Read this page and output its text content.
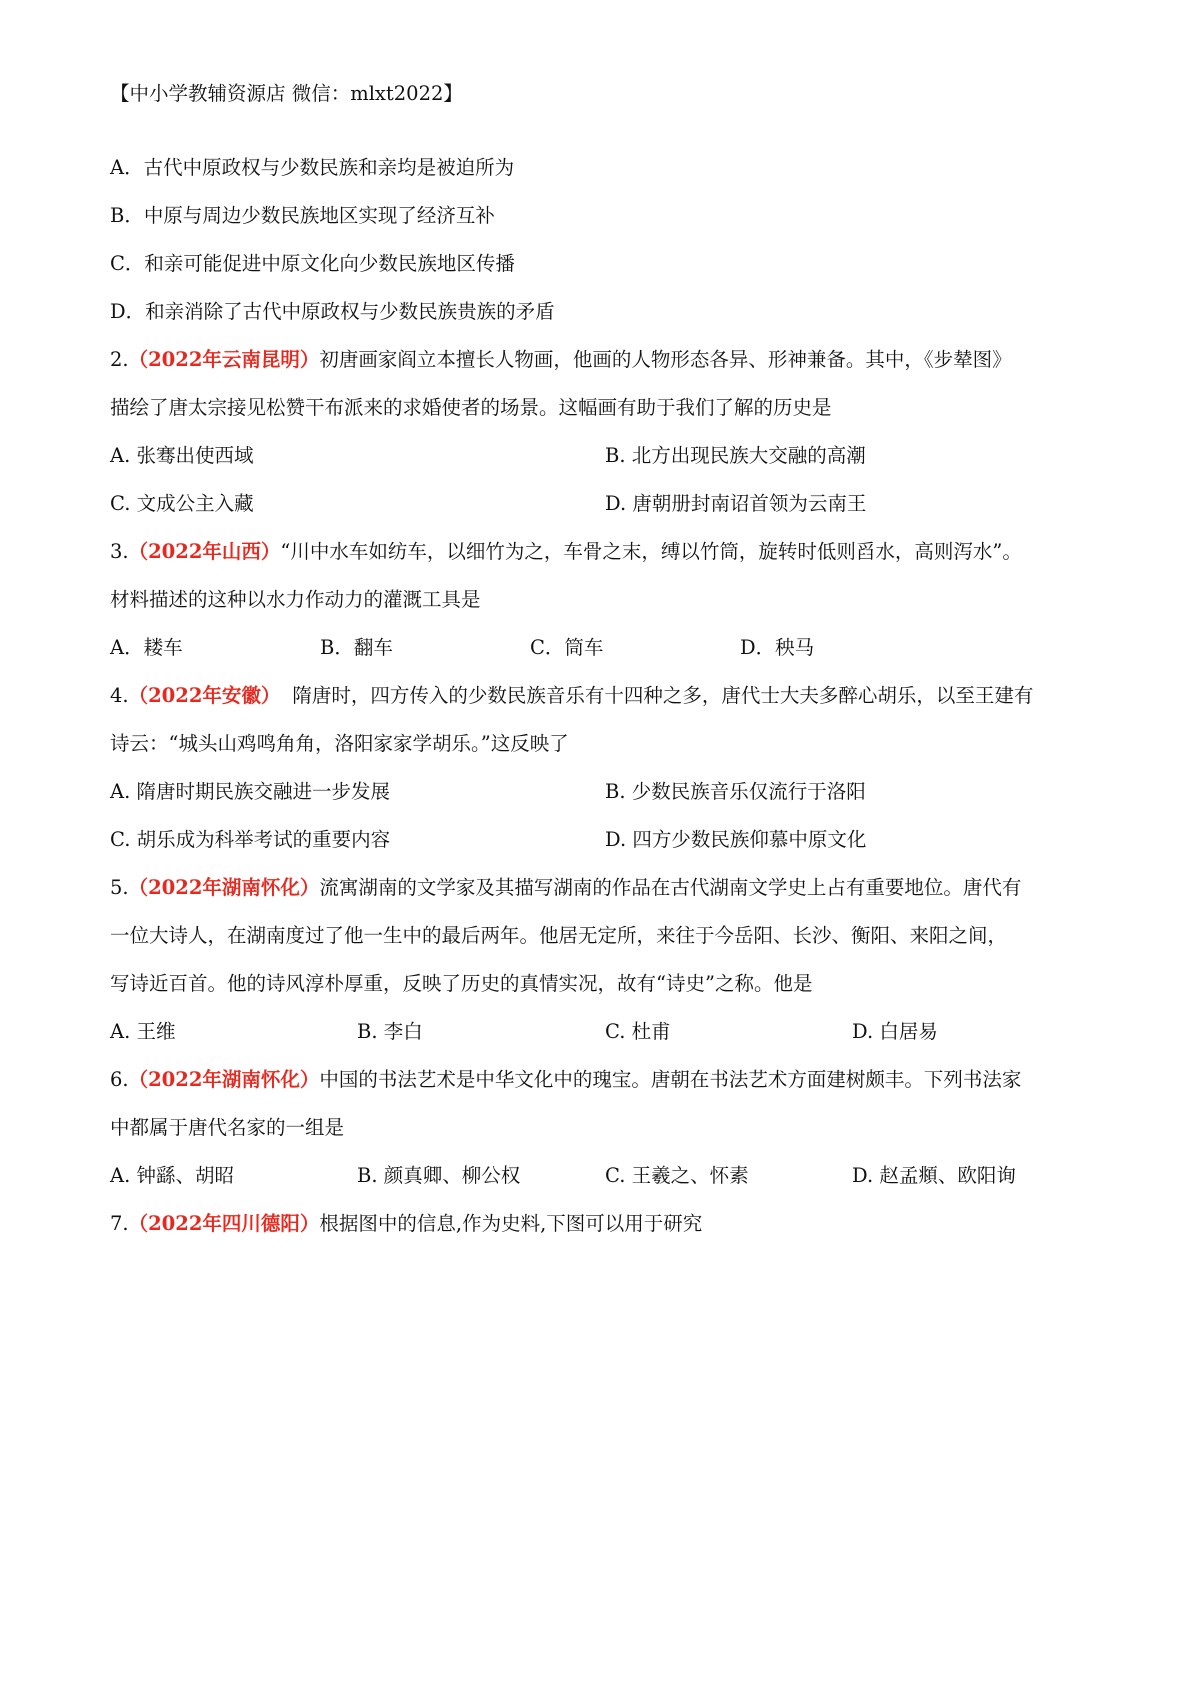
【中小学教辅资源店 微信：mlxt2022】
A．古代中原政权与少数民族和亲均是被迫所为
B．中原与周边少数民族地区实现了经济互补
C．和亲可能促进中原文化向少数民族地区传播
D．和亲消除了古代中原政权与少数民族贵族的矛盾
2.（2022年云南昆明）初唐画家阎立本擅长人物画，他画的人物形态各异、形神兼备。其中，《步辇图》
描绘了唐太宗接见松赞干布派来的求婚使者的场景。这幅画有助于我们了解的历史是
A. 张骞出使西域	B. 北方出现民族大交融的高潮
C. 文成公主入藏	D. 唐朝册封南诏首领为云南王
3.（2022年山西）“川中水车如纺车，以细竹为之，车骨之末，缚以竹筒，旋转时低则舀水，高则泻水”。
材料描述的这种以水力作动力的灌溉工具是
A．耧车	B．翻车	C．筒车	D．秧马
4.（2022年安徽） 隋唐时，四方传入的少数民族音乐有十四种之多，唐代士大夫多醉心胡乐，以至王建有
诗云：“城头山鸡鸣角角，洛阳家家学胡乐。”这反映了
A. 隋唐时期民族交融进一步发展	B. 少数民族音乐仅流行于洛阳
C. 胡乐成为科举考试的重要内容	D. 四方少数民族仰慕中原文化
5.（2022年湖南怀化）流寓湖南的文学家及其描写湖南的作品在古代湖南文学史上占有重要地位。唐代有
一位大诗人，在湖南度过了他一生中的最后两年。他居无定所，来往于今岳阳、长沙、衡阳、来阳之间，
写诗近百首。他的诗风淳朴厚重，反映了历史的真情实况，故有“诗史”之称。他是
A. 王维	B. 李白	C. 杜甫	D. 白居易
6.（2022年湖南怀化）中国的书法艺术是中华文化中的瑰宝。唐朝在书法艺术方面建树颇丰。下列书法家
中都属于唐代名家的一组是
A. 钟繇、胡昭	B. 颜真卿、柳公权	C. 王羲之、怀素	D. 赵孟頫、欧阳询
7.（2022年四川德阳）根据图中的信息,作为史料,下图可以用于研究
